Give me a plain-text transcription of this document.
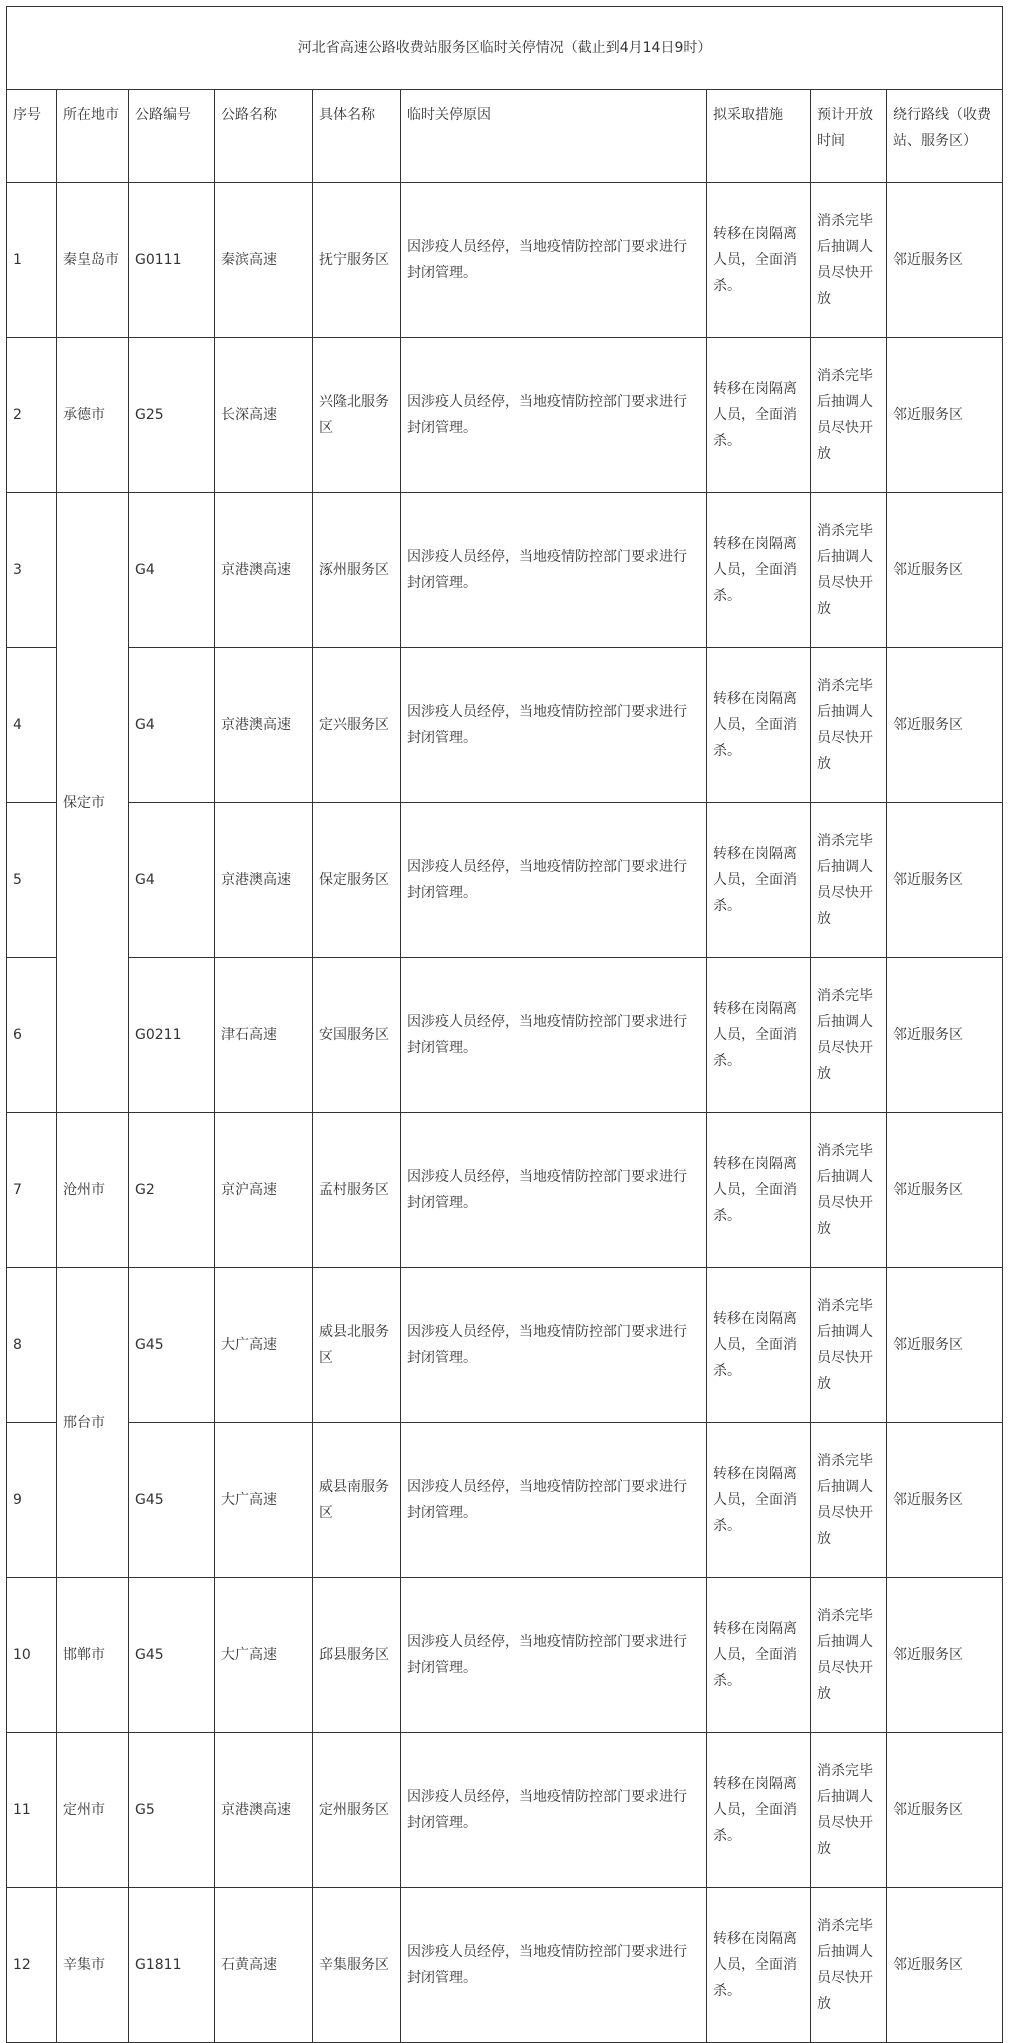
河北省高速公路收费站服务区临时关停情况（截止到4月14日9时）								
序号	所在地市	公路编号	公路名称	具体名称	临时关停原因	拟采取措施	预计开放时间	绕行路线（收费站、服务区）
1	秦皇岛市	G0111	秦滨高速	抚宁服务区	因涉疫人员经停，当地疫情防控部门要求进行封闭管理。	转移在岗隔离人员，全面消杀。	消杀完毕后抽调人员尽快开放	邻近服务区
2	承德市	G25	长深高速	兴隆北服务区	因涉疫人员经停，当地疫情防控部门要求进行封闭管理。	转移在岗隔离人员，全面消杀。	消杀完毕后抽调人员尽快开放	邻近服务区
3	保定市	G4	京港澳高速	涿州服务区	因涉疫人员经停，当地疫情防控部门要求进行封闭管理。	转移在岗隔离人员，全面消杀。	消杀完毕后抽调人员尽快开放	邻近服务区
4		G4	京港澳高速	定兴服务区	因涉疫人员经停，当地疫情防控部门要求进行封闭管理。	转移在岗隔离人员，全面消杀。	消杀完毕后抽调人员尽快开放	邻近服务区
5		G4	京港澳高速	保定服务区	因涉疫人员经停，当地疫情防控部门要求进行封闭管理。	转移在岗隔离人员，全面消杀。	消杀完毕后抽调人员尽快开放	邻近服务区
6		G0211	津石高速	安国服务区	因涉疫人员经停，当地疫情防控部门要求进行封闭管理。	转移在岗隔离人员，全面消杀。	消杀完毕后抽调人员尽快开放	邻近服务区
7	沧州市	G2	京沪高速	孟村服务区	因涉疫人员经停，当地疫情防控部门要求进行封闭管理。	转移在岗隔离人员，全面消杀。	消杀完毕后抽调人员尽快开放	邻近服务区
8	邢台市	G45	大广高速	威县北服务区	因涉疫人员经停，当地疫情防控部门要求进行封闭管理。	转移在岗隔离人员，全面消杀。	消杀完毕后抽调人员尽快开放	邻近服务区
9		G45	大广高速	威县南服务区	因涉疫人员经停，当地疫情防控部门要求进行封闭管理。	转移在岗隔离人员，全面消杀。	消杀完毕后抽调人员尽快开放	邻近服务区
10	邯郸市	G45	大广高速	邱县服务区	因涉疫人员经停，当地疫情防控部门要求进行封闭管理。	转移在岗隔离人员，全面消杀。	消杀完毕后抽调人员尽快开放	邻近服务区
11	定州市	G5	京港澳高速	定州服务区	因涉疫人员经停，当地疫情防控部门要求进行封闭管理。	转移在岗隔离人员，全面消杀。	消杀完毕后抽调人员尽快开放	邻近服务区
12	辛集市	G1811	石黄高速	辛集服务区	因涉疫人员经停，当地疫情防控部门要求进行封闭管理。	转移在岗隔离人员，全面消杀。	消杀完毕后抽调人员尽快开放	邻近服务区
